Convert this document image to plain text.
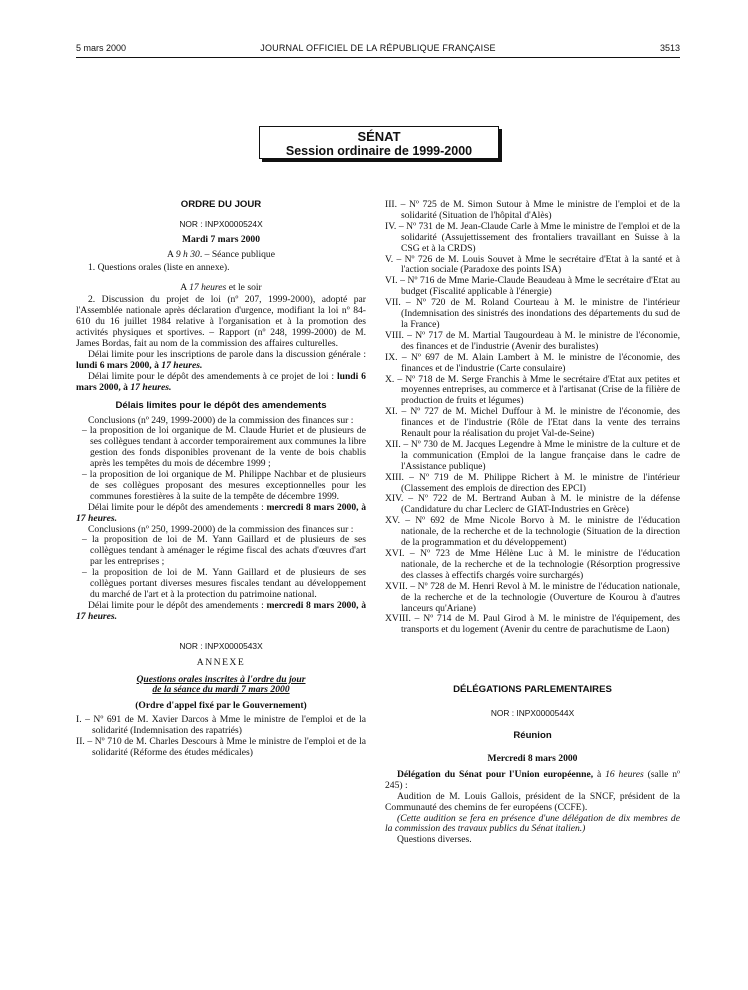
5 mars 2000	JOURNAL OFFICIEL DE LA RÉPUBLIQUE FRANÇAISE	3513
SÉNAT
Session ordinaire de 1999-2000
ORDRE DU JOUR
NOR : INPX0000524X
Mardi 7 mars 2000
A 9 h 30. – Séance publique

1. Questions orales (liste en annexe).

A 17 heures et le soir

2. Discussion du projet de loi (nº 207, 1999-2000), adopté par l'Assemblée nationale après déclaration d'urgence, modifiant la loi nº 84-610 du 16 juillet 1984 relative à l'organisation et à la promotion des activités physiques et sportives. – Rapport (nº 248, 1999-2000) de M. James Bordas, fait au nom de la commission des affaires culturelles.

Délai limite pour les inscriptions de parole dans la discussion générale : lundi 6 mars 2000, à 17 heures.

Délai limite pour le dépôt des amendements à ce projet de loi : lundi 6 mars 2000, à 17 heures.

Délais limites pour le dépôt des amendements

Conclusions (nº 249, 1999-2000) de la commission des finances sur :

– la proposition de loi organique de M. Claude Huriet et de plusieurs de ses collègues tendant à accorder temporairement aux communes la libre gestion des fonds disponibles provenant de la vente de bois chablis après les tempêtes du mois de décembre 1999 ;

– la proposition de loi organique de M. Philippe Nachbar et de plusieurs de ses collègues proposant des mesures exceptionnelles pour les communes forestières à la suite de la tempête de décembre 1999.

Délai limite pour le dépôt des amendements : mercredi 8 mars 2000, à 17 heures.

Conclusions (nº 250, 1999-2000) de la commission des finances sur :

– la proposition de loi de M. Yann Gaillard et de plusieurs de ses collègues tendant à aménager le régime fiscal des achats d'œuvres d'art par les entreprises ;

– la proposition de loi de M. Yann Gaillard et de plusieurs de ses collègues portant diverses mesures fiscales tendant au développement du marché de l'art et à la protection du patrimoine national.

Délai limite pour le dépôt des amendements : mercredi 8 mars 2000, à 17 heures.

NOR : INPX0000543X
ANNEXE
Questions orales inscrites à l'ordre du jour
de la séance du mardi 7 mars 2000
(Ordre d'appel fixé par le Gouvernement)

I. – Nº 691 de M. Xavier Darcos à Mme le ministre de l'emploi et de la solidarité (Indemnisation des rapatriés)

II. – Nº 710 de M. Charles Descours à Mme le ministre de l'emploi et de la solidarité (Réforme des études médicales)

III. – Nº 725 de M. Simon Sutour à Mme le ministre de l'emploi et de la solidarité (Situation de l'hôpital d'Alès)

IV. – Nº 731 de M. Jean-Claude Carle à Mme le ministre de l'emploi et de la solidarité (Assujettissement des frontaliers travaillant en Suisse à la CSG et à la CRDS)

V. – Nº 726 de M. Louis Souvet à Mme le secrétaire d'Etat à la santé et à l'action sociale (Paradoxe des points ISA)

VI. – Nº 716 de Mme Marie-Claude Beaudeau à Mme le secrétaire d'Etat au budget (Fiscalité applicable à l'énergie)

VII. – Nº 720 de M. Roland Courteau à M. le ministre de l'intérieur (Indemnisation des sinistrés des inondations des départements du sud de la France)

VIII. – Nº 717 de M. Martial Taugourdeau à M. le ministre de l'économie, des finances et de l'industrie (Avenir des buralistes)

IX. – Nº 697 de M. Alain Lambert à M. le ministre de l'économie, des finances et de l'industrie (Carte consulaire)

X. – Nº 718 de M. Serge Franchis à Mme le secrétaire d'Etat aux petites et moyennes entreprises, au commerce et à l'artisanat (Crise de la filière de production de fruits et légumes)

XI. – Nº 727 de M. Michel Duffour à M. le ministre de l'économie, des finances et de l'industrie (Rôle de l'Etat dans la vente des terrains Renault pour la réalisation du projet Val-de-Seine)

XII. – Nº 730 de M. Jacques Legendre à Mme le ministre de la culture et de la communication (Emploi de la langue française dans le cadre de l'Assistance publique)

XIII. – Nº 719 de M. Philippe Richert à M. le ministre de l'intérieur (Classement des emplois de direction des EPCI)

XIV. – Nº 722 de M. Bertrand Auban à M. le ministre de la défense (Candidature du char Leclerc de GIAT-Industries en Grèce)

XV. – Nº 692 de Mme Nicole Borvo à M. le ministre de l'éducation nationale, de la recherche et de la technologie (Situation de la direction de la programmation et du développement)

XVI. – Nº 723 de Mme Hélène Luc à M. le ministre de l'éducation nationale, de la recherche et de la technologie (Résorption progressive des classes à effectifs chargés voire surchargés)

XVII. – Nº 728 de M. Henri Revol à M. le ministre de l'éducation nationale, de la recherche et de la technologie (Ouverture de Kourou à d'autres lanceurs qu'Ariane)

XVIII. – Nº 714 de M. Paul Girod à M. le ministre de l'équipement, des transports et du logement (Avenir du centre de parachutisme de Laon)

DÉLÉGATIONS PARLEMENTAIRES
NOR : INPX0000544X
Réunion
Mercredi 8 mars 2000

Délégation du Sénat pour l'Union européenne, à 16 heures (salle nº 245) :

Audition de M. Louis Gallois, président de la SNCF, président de la Communauté des chemins de fer européens (CCFE).

(Cette audition se fera en présence d'une délégation de dix membres de la commission des travaux publics du Sénat italien.)

Questions diverses.
